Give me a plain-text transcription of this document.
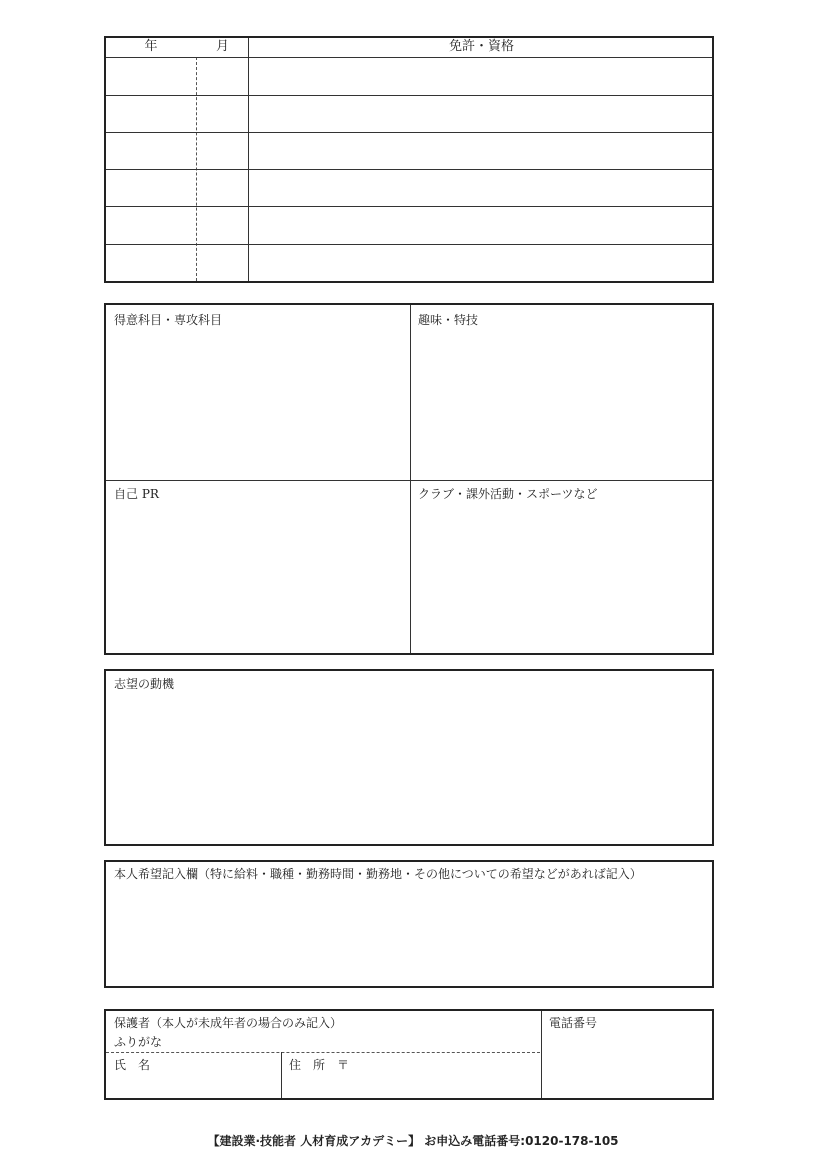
年	月	免許・資格
得意科目・専攻科目	趣味・特技
自己 PR	クラブ・課外活動・スポーツなど
志望の動機
本人希望記入欄（特に給料・職種・勤務時間・勤務地・その他についての希望などがあれば記入）
保護者（本人が未成年者の場合のみ記入）
ふりがな
氏　名	住　所　〒
電話番号
【建設業·技能者 人材育成アカデミー】 お申込み電話番号:0120-178-105
